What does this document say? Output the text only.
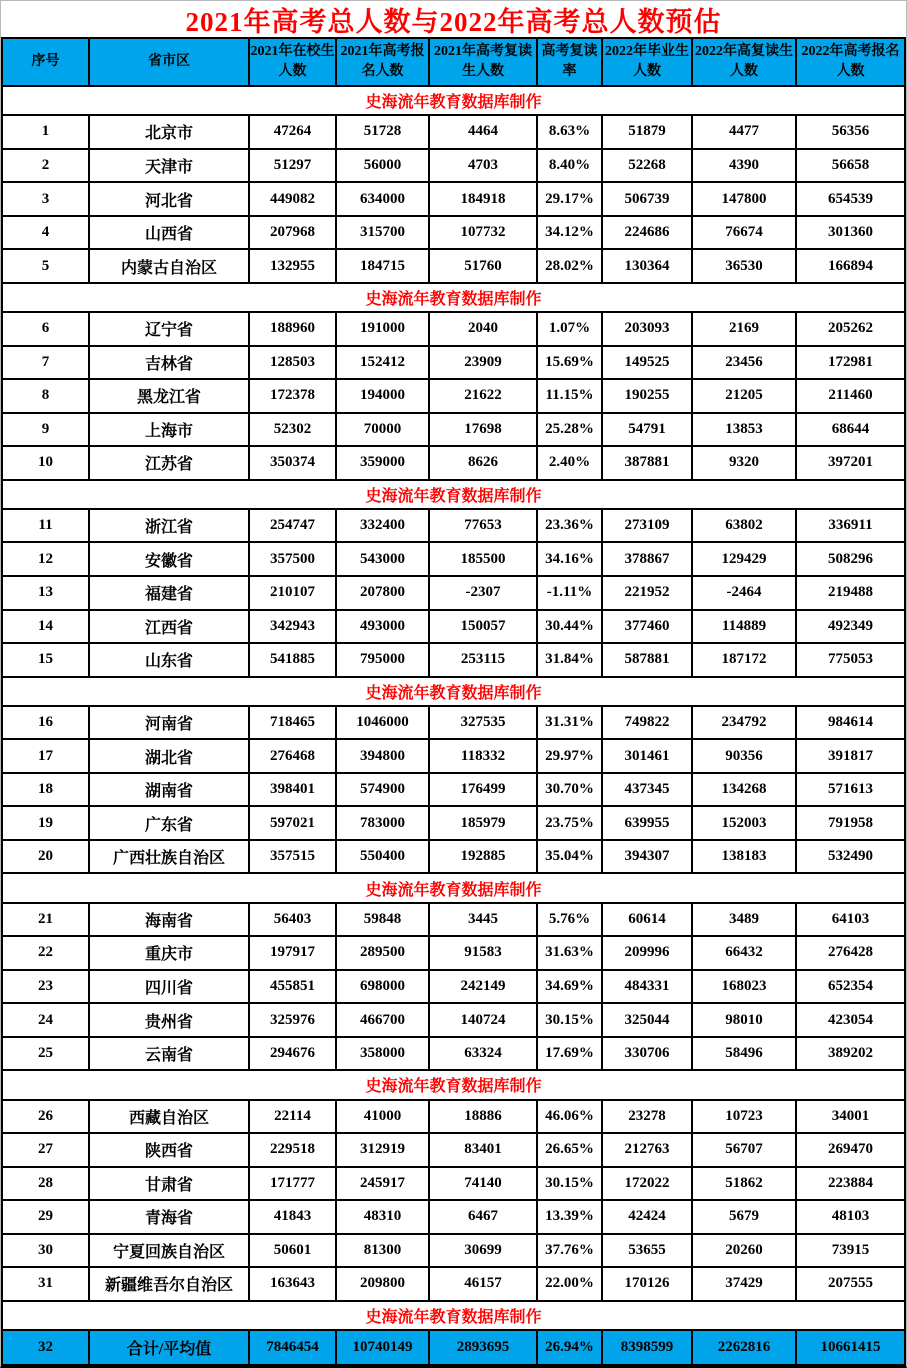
2021年高考总人数与2022年高考总人数预估
序号	省市区	2021年在校生人数	2021年高考报名人数	2021年高考复读生人数	高考复读率	2022年毕业生人数	2022年高复读生人数	2022年高考报名人数
史海流年教育数据库制作								
1	北京市	47264	51728	4464	8.63%	51879	4477	56356
2	天津市	51297	56000	4703	8.40%	52268	4390	56658
3	河北省	449082	634000	184918	29.17%	506739	147800	654539
4	山西省	207968	315700	107732	34.12%	224686	76674	301360
5	内蒙古自治区	132955	184715	51760	28.02%	130364	36530	166894
史海流年教育数据库制作								
6	辽宁省	188960	191000	2040	1.07%	203093	2169	205262
7	吉林省	128503	152412	23909	15.69%	149525	23456	172981
8	黑龙江省	172378	194000	21622	11.15%	190255	21205	211460
9	上海市	52302	70000	17698	25.28%	54791	13853	68644
10	江苏省	350374	359000	8626	2.40%	387881	9320	397201
史海流年教育数据库制作								
11	浙江省	254747	332400	77653	23.36%	273109	63802	336911
12	安徽省	357500	543000	185500	34.16%	378867	129429	508296
13	福建省	210107	207800	-2307	-1.11%	221952	-2464	219488
14	江西省	342943	493000	150057	30.44%	377460	114889	492349
15	山东省	541885	795000	253115	31.84%	587881	187172	775053
史海流年教育数据库制作								
16	河南省	718465	1046000	327535	31.31%	749822	234792	984614
17	湖北省	276468	394800	118332	29.97%	301461	90356	391817
18	湖南省	398401	574900	176499	30.70%	437345	134268	571613
19	广东省	597021	783000	185979	23.75%	639955	152003	791958
20	广西壮族自治区	357515	550400	192885	35.04%	394307	138183	532490
史海流年教育数据库制作								
21	海南省	56403	59848	3445	5.76%	60614	3489	64103
22	重庆市	197917	289500	91583	31.63%	209996	66432	276428
23	四川省	455851	698000	242149	34.69%	484331	168023	652354
24	贵州省	325976	466700	140724	30.15%	325044	98010	423054
25	云南省	294676	358000	63324	17.69%	330706	58496	389202
史海流年教育数据库制作								
26	西藏自治区	22114	41000	18886	46.06%	23278	10723	34001
27	陕西省	229518	312919	83401	26.65%	212763	56707	269470
28	甘肃省	171777	245917	74140	30.15%	172022	51862	223884
29	青海省	41843	48310	6467	13.39%	42424	5679	48103
30	宁夏回族自治区	50601	81300	30699	37.76%	53655	20260	73915
31	新疆维吾尔自治区	163643	209800	46157	22.00%	170126	37429	207555
史海流年教育数据库制作								
32	合计/平均值	7846454	10740149	2893695	26.94%	8398599	2262816	10661415
